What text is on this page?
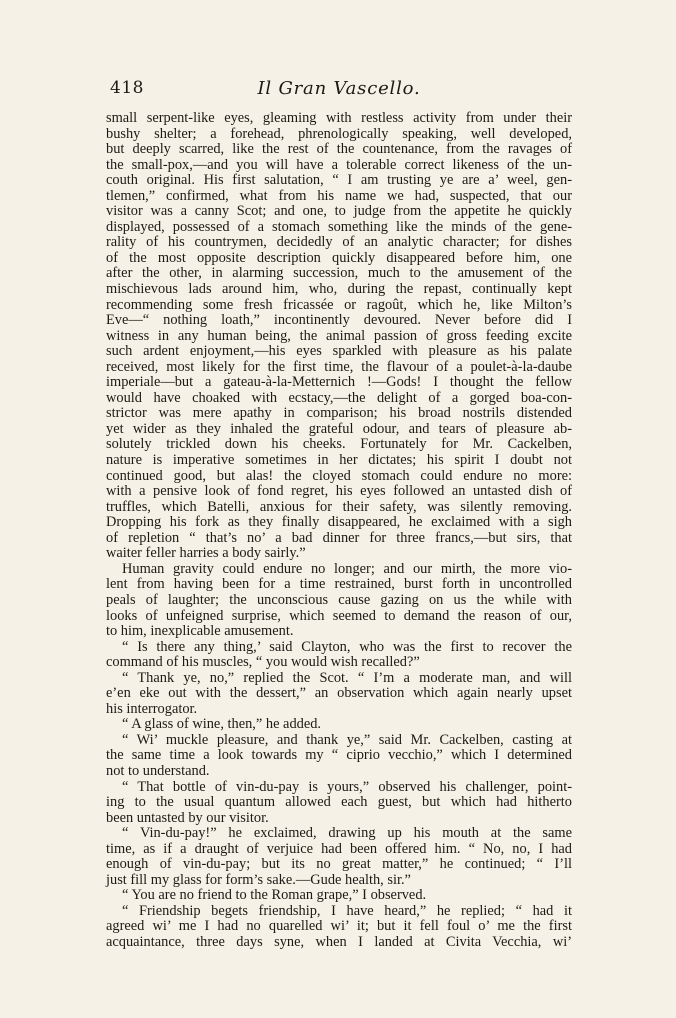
418	Il Gran Vascello.
small serpent-like eyes, gleaming with restless activity from under their
bushy shelter; a forehead, phrenologically speaking, well developed,
but deeply scarred, like the rest of the countenance, from the ravages of
the small-pox,—and you will have a tolerable correct likeness of the un-
couth original. His first salutation, “ I am trusting ye are a’ weel, gen-
tlemen,” confirmed, what from his name we had, suspected, that our
visitor was a canny Scot; and one, to judge from the appetite he quickly
displayed, possessed of a stomach something like the minds of the gene-
rality of his countrymen, decidedly of an analytic character; for dishes
of the most opposite description quickly disappeared before him, one
after the other, in alarming succession, much to the amusement of the
mischievous lads around him, who, during the repast, continually kept
recommending some fresh fricassée or ragoût, which he, like Milton’s
Eve—“ nothing loath,” incontinently devoured. Never before did I
witness in any human being, the animal passion of gross feeding excite
such ardent enjoyment,—his eyes sparkled with pleasure as his palate
received, most likely for the first time, the flavour of a poulet-à-la-daube
imperiale—but a gateau-à-la-Metternich !—Gods! I thought the fellow
would have choaked with ecstacy,—the delight of a gorged boa-con-
strictor was mere apathy in comparison; his broad nostrils distended
yet wider as they inhaled the grateful odour, and tears of pleasure ab-
solutely trickled down his cheeks. Fortunately for Mr. Cackelben,
nature is imperative sometimes in her dictates; his spirit I doubt not
continued good, but alas! the cloyed stomach could endure no more:
with a pensive look of fond regret, his eyes followed an untasted dish of
truffles, which Batelli, anxious for their safety, was silently removing.
Dropping his fork as they finally disappeared, he exclaimed with a sigh
of repletion “ that’s no’ a bad dinner for three francs,—but sirs, that
waiter feller harries a body sairly.”
Human gravity could endure no longer; and our mirth, the more vio-
lent from having been for a time restrained, burst forth in uncontrolled
peals of laughter; the unconscious cause gazing on us the while with
looks of unfeigned surprise, which seemed to demand the reason of our,
to him, inexplicable amusement.
“ Is there any thing,’ said Clayton, who was the first to recover the
command of his muscles, “ you would wish recalled?”
“ Thank ye, no,” replied the Scot. “ I’m a moderate man, and will
e’en eke out with the dessert,” an observation which again nearly upset
his interrogator.
“ A glass of wine, then,” he added.
“ Wi’ muckle pleasure, and thank ye,” said Mr. Cackelben, casting at
the same time a look towards my “ ciprio vecchio,” which I determined
not to understand.
“ That bottle of vin-du-pay is yours,” observed his challenger, point-
ing to the usual quantum allowed each guest, but which had hitherto
been untasted by our visitor.
“ Vin-du-pay!” he exclaimed, drawing up his mouth at the same
time, as if a draught of verjuice had been offered him. “ No, no, I had
enough of vin-du-pay; but its no great matter,” he continued; “ I’ll
just fill my glass for form’s sake.—Gude health, sir.”
“ You are no friend to the Roman grape,” I observed.
“ Friendship begets friendship, I have heard,” he replied; “ had it
agreed wi’ me I had no quarelled wi’ it; but it fell foul o’ me the first
acquaintance, three days syne, when I landed at Civita Vecchia, wi’
